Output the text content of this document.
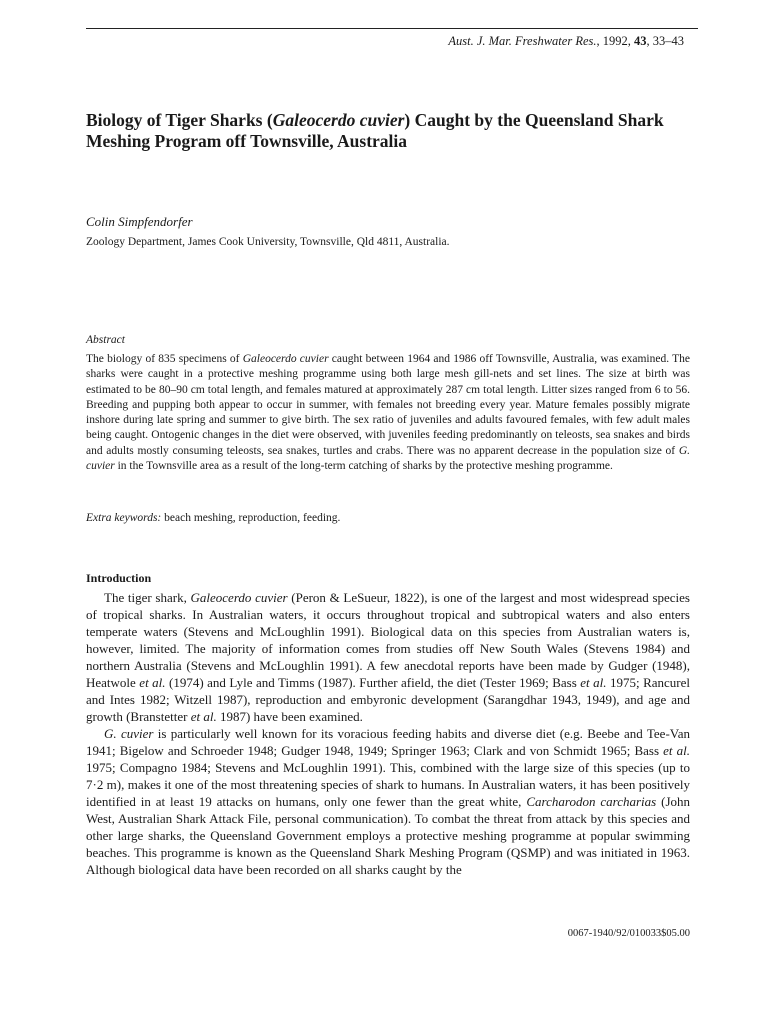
Aust. J. Mar. Freshwater Res., 1992, 43, 33–43
Biology of Tiger Sharks (Galeocerdo cuvier) Caught by the Queensland Shark Meshing Program off Townsville, Australia

Colin Simpfendorfer

Zoology Department, James Cook University, Townsville, Qld 4811, Australia.

Abstract

The biology of 835 specimens of Galeocerdo cuvier caught between 1964 and 1986 off Townsville, Australia, was examined. The sharks were caught in a protective meshing programme using both large mesh gill-nets and set lines. The size at birth was estimated to be 80–90 cm total length, and females matured at approximately 287 cm total length. Litter sizes ranged from 6 to 56. Breeding and pupping both appear to occur in summer, with females not breeding every year. Mature females possibly migrate inshore during late spring and summer to give birth. The sex ratio of juveniles and adults favoured females, with few adult males being caught. Ontogenic changes in the diet were observed, with juveniles feeding predominantly on teleosts, sea snakes and birds and adults mostly consuming teleosts, sea snakes, turtles and crabs. There was no apparent decrease in the population size of G. cuvier in the Townsville area as a result of the long-term catching of sharks by the protective meshing programme.

Extra keywords: beach meshing, reproduction, feeding.

Introduction

The tiger shark, Galeocerdo cuvier (Peron & LeSueur, 1822), is one of the largest and most widespread species of tropical sharks. In Australian waters, it occurs throughout tropical and subtropical waters and also enters temperate waters (Stevens and McLoughlin 1991). Biological data on this species from Australian waters is, however, limited. The majority of information comes from studies off New South Wales (Stevens 1984) and northern Australia (Stevens and McLoughlin 1991). A few anecdotal reports have been made by Gudger (1948), Heatwole et al. (1974) and Lyle and Timms (1987). Further afield, the diet (Tester 1969; Bass et al. 1975; Rancurel and Intes 1982; Witzell 1987), reproduction and embyronic development (Sarangdhar 1943, 1949), and age and growth (Branstetter et al. 1987) have been examined.

G. cuvier is particularly well known for its voracious feeding habits and diverse diet (e.g. Beebe and Tee-Van 1941; Bigelow and Schroeder 1948; Gudger 1948, 1949; Springer 1963; Clark and von Schmidt 1965; Bass et al. 1975; Compagno 1984; Stevens and McLoughlin 1991). This, combined with the large size of this species (up to 7·2 m), makes it one of the most threatening species of shark to humans. In Australian waters, it has been positively identified in at least 19 attacks on humans, only one fewer than the great white, Carcharodon carcharias (John West, Australian Shark Attack File, personal communication). To combat the threat from attack by this species and other large sharks, the Queensland Government employs a protective meshing programme at popular swimming beaches. This programme is known as the Queensland Shark Meshing Program (QSMP) and was initiated in 1963. Although biological data have been recorded on all sharks caught by the

0067-1940/92/010033$05.00
